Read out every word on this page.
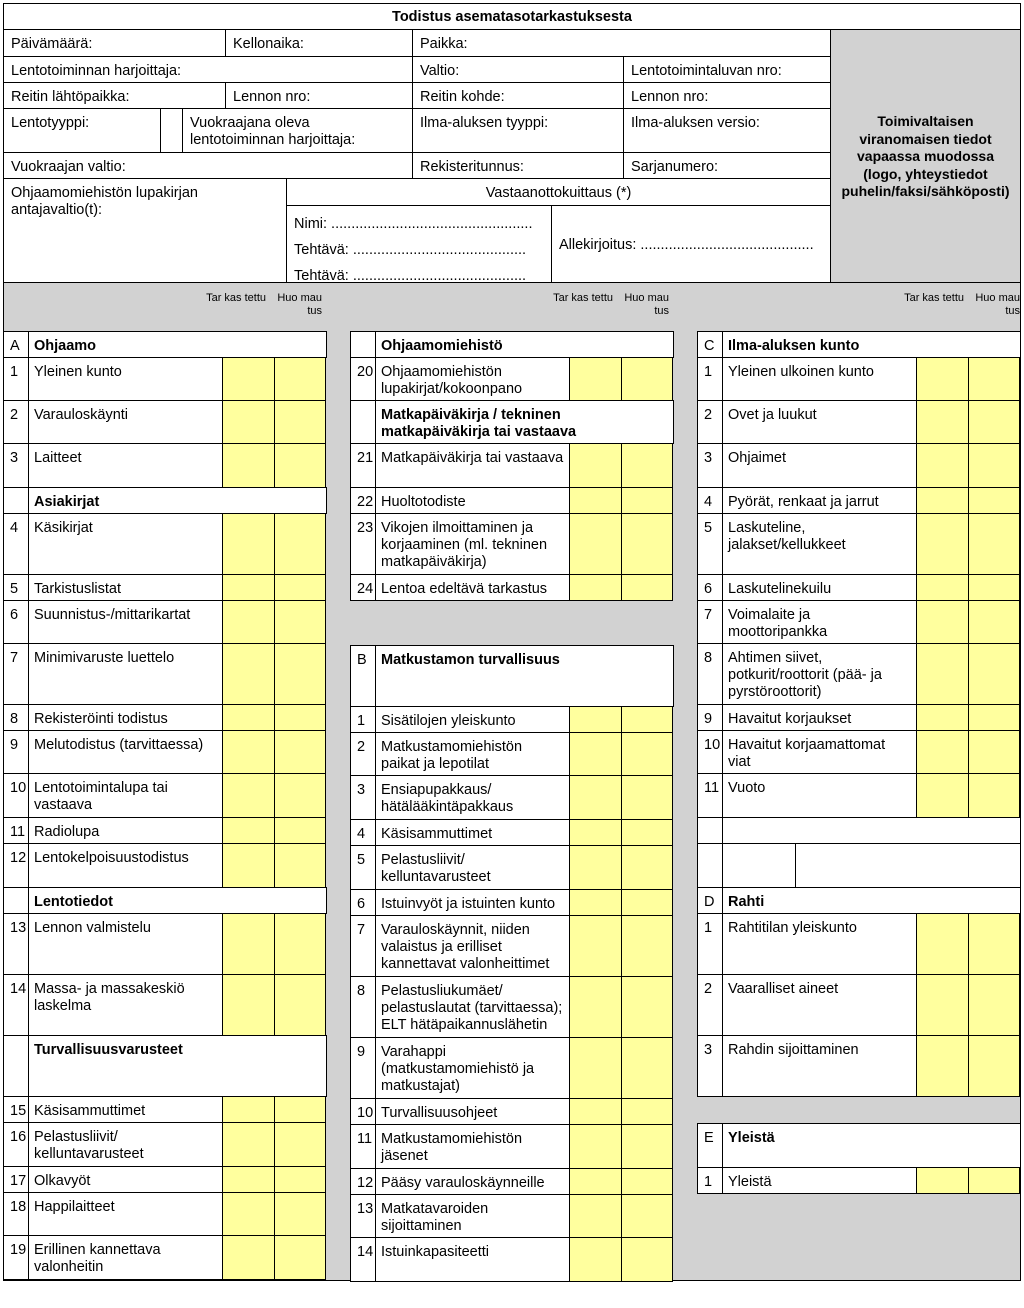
Todistus asematasotarkastuksesta
Päivämäärä:	Kellonaika:	Paikka:
Lentotoiminnan harjoittaja:	Valtio:	Lentotoimintaluvan nro:
Reitin lähtöpaikka:	Lennon nro:	Reitin kohde:	Lennon nro:
Lentotyyppi:	Vuokraajana oleva lentotoiminnan harjoittaja:
Ilma-aluksen tyyppi:	Ilma-aluksen versio:
Vuokraajan valtio:	Rekisteritunnus:	Sarjanumero:
Ohjaamomiehistön lupakirjan antajavaltio(t):
Vastaanottokuittaus (*)
Nimi: ..................................................
Tehtävä: ...........................................
Tehtävä: ...........................................
Allekirjoitus: ...........................................
Toimivaltaisen viranomaisen tiedot vapaassa muodossa (logo, yhteystiedot puhelin/faksi/sähköposti)
Tar kas tettu	Huo mau tus
Tar kas tettu	Huo mau tus
Tar kas tettu	Huo mau tus
A Ohjaamo
1	Yleinen kunto
2	Varauloskäynti
3	Laitteet
Asiakirjat
4	Käsikirjat
5	Tarkistuslistat
6	Suunnistus-/mittarikartat
7	Minimivaruste luettelo
8	Rekisteröinti todistus
9	Melutodistus (tarvittaessa)
10 Lentotoimintalupa tai vastaava
11 Radiolupa
12 Lentokelpoisuustodistus
Lentotiedot
13 Lennon valmistelu
14 Massa- ja massakeskiö laskelma
Turvallisuusvarusteet
15 Käsisammuttimet
16 Pelastusliivit/ kelluntavarusteet
17 Olkavyöt
18 Happilaitteet
19 Erillinen kannettava valonheitin
Ohjaamomiehistö
20 Ohjaamomiehistön lupakirjat/kokoonpano
Matkapäiväkirja / tekninen matkapäiväkirja tai vastaava
21 Matkapäiväkirja tai vastaava
22 Huoltotodiste
23 Vikojen ilmoittaminen ja korjaaminen (ml. tekninen matkapäiväkirja)
24 Lentoa edeltävä tarkastus
B Matkustamon turvallisuus
1	Sisätilojen yleiskunto
2	Matkustamomiehistön paikat ja lepotilat
3	Ensiapupakkaus/ hätälääkintäpakkaus
4	Käsisammuttimet
5	Pelastusliivit/ kelluntavarusteet
6	Istuinvyöt ja istuinten kunto
7	Varauloskäynnit, niiden valaistus ja erilliset kannettavat valonheittimet
8	Pelastusliukumäet/ pelastuslautat (tarvittaessa); ELT hätäpaikannuslähetin
9	Varahappi (matkustamomiehistö ja matkustajat)
10 Turvallisuusohjeet
11 Matkustamomiehistön jäsenet
12 Pääsy varauloskäynneille
13 Matkatavaroiden sijoittaminen
14 Istuinkapasiteetti
C Ilma-aluksen kunto
1	Yleinen ulkoinen kunto
2	Ovet ja luukut
3	Ohjaimet
4	Pyörät, renkaat ja jarrut
5	Laskuteline, jalakset/kellukkeet
6	Laskutelinekuilu
7	Voimalaite ja moottoripankka
8	Ahtimen siivet, potkurit/roottorit (pää- ja pyrstöroottorit)
9	Havaitut korjaukset
10 Havaitut korjaamattomat viat
11 Vuoto
D Rahti
1	Rahtitilan yleiskunto
2	Vaaralliset aineet
3	Rahdin sijoittaminen
E Yleistä
1	Yleistä
